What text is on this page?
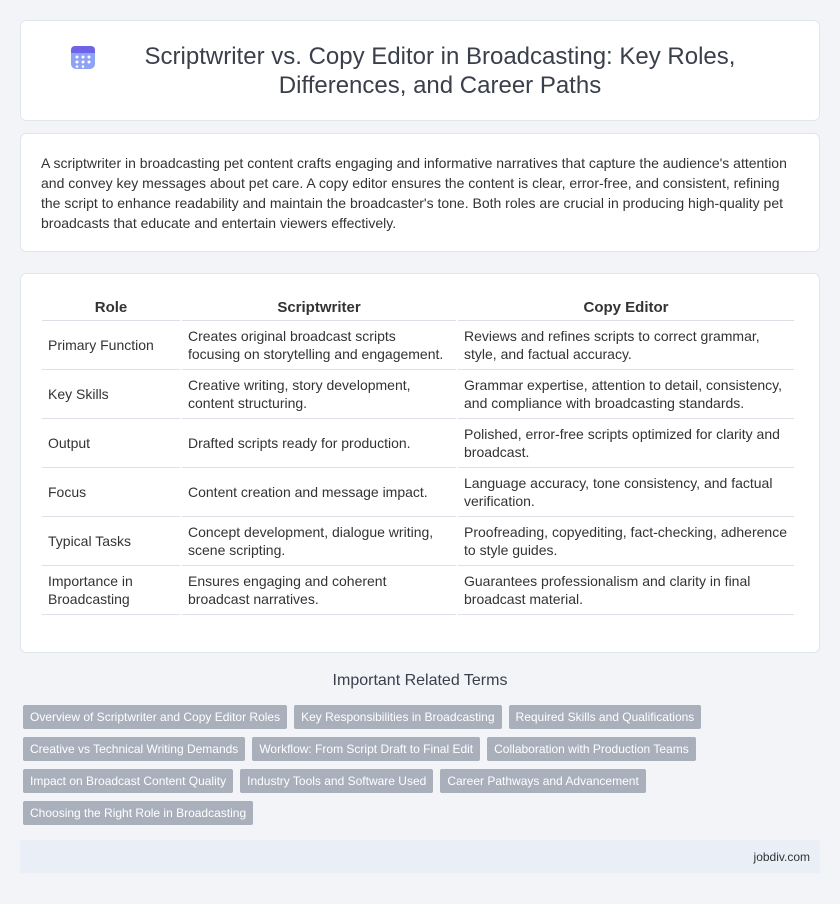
Scriptwriter vs. Copy Editor in Broadcasting: Key Roles, Differences, and Career Paths

A scriptwriter in broadcasting pet content crafts engaging and informative narratives that capture the audience's attention and convey key messages about pet care. A copy editor ensures the content is clear, error-free, and consistent, refining the script to enhance readability and maintain the broadcaster's tone. Both roles are crucial in producing high-quality pet broadcasts that educate and entertain viewers effectively.

Role	Scriptwriter	Copy Editor
Primary Function	Creates original broadcast scripts focusing on storytelling and engagement.	Reviews and refines scripts to correct grammar, style, and factual accuracy.
Key Skills	Creative writing, story development, content structuring.	Grammar expertise, attention to detail, consistency, and compliance with broadcasting standards.
Output	Drafted scripts ready for production.	Polished, error-free scripts optimized for clarity and broadcast.
Focus	Content creation and message impact.	Language accuracy, tone consistency, and factual verification.
Typical Tasks	Concept development, dialogue writing, scene scripting.	Proofreading, copyediting, fact-checking, adherence to style guides.
Importance in Broadcasting	Ensures engaging and coherent broadcast narratives.	Guarantees professionalism and clarity in final broadcast material.
Important Related Terms
Overview of Scriptwriter and Copy Editor Roles	Key Responsibilities in Broadcasting	Required Skills and Qualifications
Creative vs Technical Writing Demands	Workflow: From Script Draft to Final Edit	Collaboration with Production Teams
Impact on Broadcast Content Quality	Industry Tools and Software Used	Career Pathways and Advancement
Choosing the Right Role in Broadcasting
jobdiv.com
